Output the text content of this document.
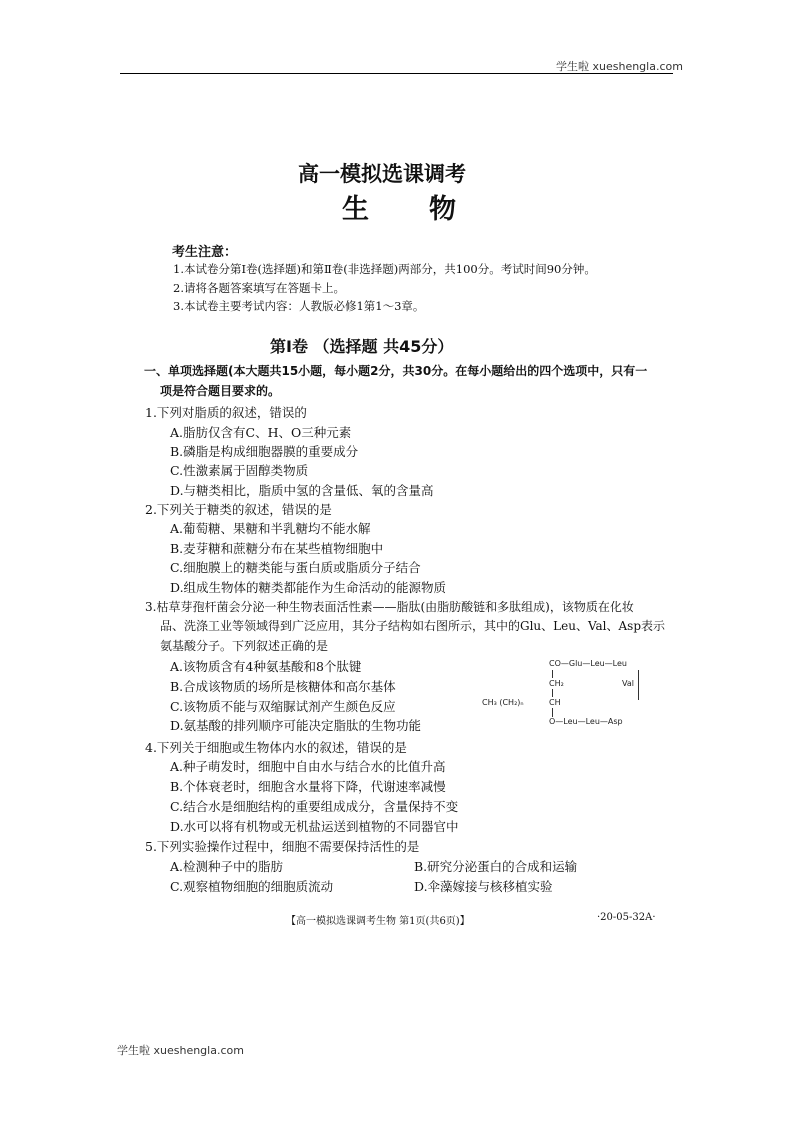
学生啦 xueshengla.com
高一模拟选课调考
生物
考生注意：
1.本试卷分第Ⅰ卷(选择题)和第Ⅱ卷(非选择题)两部分，共100分。考试时间90分钟。
2.请将各题答案填写在答题卡上。
3.本试卷主要考试内容：人教版必修1第1～3章。
第Ⅰ卷 （选择题 共45分）
一、单项选择题(本大题共15小题，每小题2分，共30分。在每小题给出的四个选项中，只有一
项是符合题目要求的。
1.下列对脂质的叙述，错误的
A.脂肪仅含有C、H、O三种元素
B.磷脂是构成细胞器膜的重要成分
C.性激素属于固醇类物质
D.与糖类相比，脂质中氢的含量低、氧的含量高
2.下列关于糖类的叙述，错误的是
A.葡萄糖、果糖和半乳糖均不能水解
B.麦芽糖和蔗糖分布在某些植物细胞中
C.细胞膜上的糖类能与蛋白质或脂质分子结合
D.组成生物体的糖类都能作为生命活动的能源物质
3.枯草芽孢杆菌会分泌一种生物表面活性素——脂肽(由脂肪酸链和多肽组成)，该物质在化妆
品、洗涤工业等领域得到广泛应用，其分子结构如右图所示，其中的Glu、Leu、Val、Asp表示
氨基酸分子。下列叙述正确的是
A.该物质含有4种氨基酸和8个肽键
B.合成该物质的场所是核糖体和高尔基体
C.该物质不能与双缩脲试剂产生颜色反应
D.氨基酸的排列顺序可能决定脂肽的生物功能
CO—Glu—Leu—Leu
CH₂	Val
CH₃ (CH₂)ₙ	CH
O—Leu—Leu—Asp
4.下列关于细胞或生物体内水的叙述，错误的是
A.种子萌发时，细胞中自由水与结合水的比值升高
B.个体衰老时，细胞含水量将下降，代谢速率减慢
C.结合水是细胞结构的重要组成成分，含量保持不变
D.水可以将有机物或无机盐运送到植物的不同器官中
5.下列实验操作过程中，细胞不需要保持活性的是
A.检测种子中的脂肪	B.研究分泌蛋白的合成和运输
C.观察植物细胞的细胞质流动	D.伞藻嫁接与核移植实验
【高一模拟选课调考生物 第1页(共6页)】	·20-05-32A·
学生啦 xueshengla.com
